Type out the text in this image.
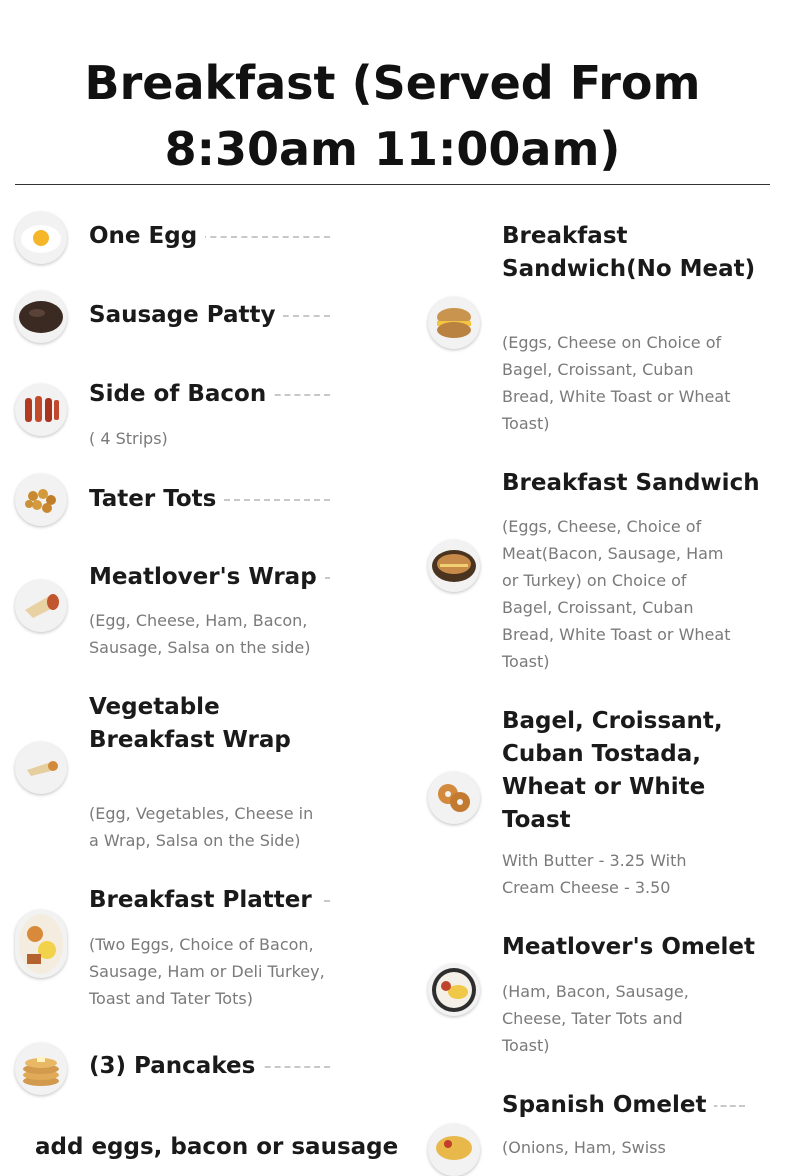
Breakfast (Served From 8:30am 11:00am)
One Egg
Sausage Patty
Side of Bacon
( 4 Strips)
Tater Tots
Meatlover's Wrap
(Egg, Cheese, Ham, Bacon, Sausage, Salsa on the side)
Vegetable Breakfast Wrap
(Egg, Vegetables, Cheese in a Wrap, Salsa on the Side)
Breakfast Platter
(Two Eggs, Choice of Bacon, Sausage, Ham or Deli Turkey, Toast and Tater Tots)
(3) Pancakes
add eggs, bacon or sausage
Breakfast Sandwich(No Meat)
(Eggs, Cheese on Choice of Bagel, Croissant, Cuban Bread, White Toast or Wheat Toast)
Breakfast Sandwich
(Eggs, Cheese, Choice of Meat(Bacon, Sausage, Ham or Turkey) on Choice of Bagel, Croissant, Cuban Bread, White Toast or Wheat Toast)
Bagel, Croissant, Cuban Tostada, Wheat or White Toast
With Butter - 3.25 With Cream Cheese - 3.50
Meatlover's Omelet
(Ham, Bacon, Sausage, Cheese, Tater Tots and Toast)
Spanish Omelet
(Onions, Ham, Swiss
